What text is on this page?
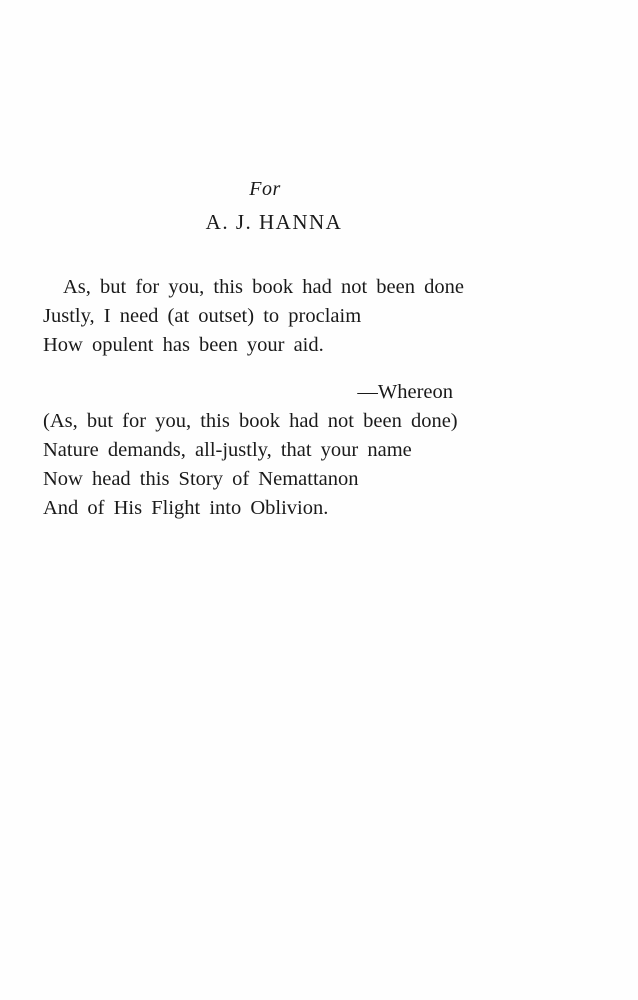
For
A. J. HANNA
As, but for you, this book had not been done
Justly, I need (at outset) to proclaim
How opulent has been your aid.
—Whereon
(As, but for you, this book had not been done)
Nature demands, all-justly, that your name
Now head this Story of Nemattanon
And of His Flight into Oblivion.
